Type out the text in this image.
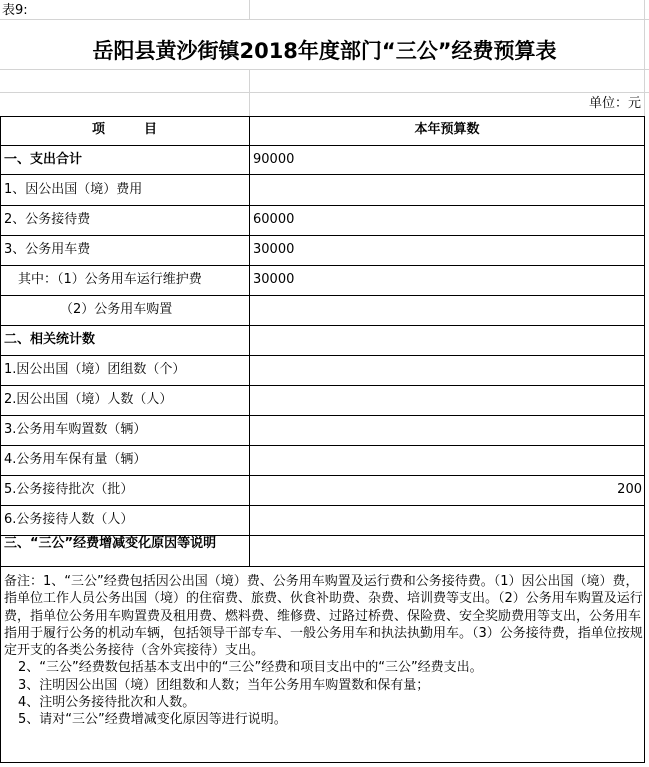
表9:
岳阳县黄沙街镇2018年度部门“三公”经费预算表
单位：元
项　　　目	本年预算数
一、支出合计	90000
1、因公出国（境）费用
2、公务接待费	60000
3、公务用车费	30000
其中：（1）公务用车运行维护费	30000
（2）公务用车购置
二、相关统计数
1.因公出国（境）团组数（个）
2.因公出国（境）人数（人）
3.公务用车购置数（辆）
4.公务用车保有量（辆）
5.公务接待批次（批）	200
6.公务接待人数（人）
三、“三公”经费增减变化原因等说明

备注：1、“三公”经费包括因公出国（境）费、公务用车购置及运行费和公务接待费。（1）因公出国（境）费，指单位工作人员公务出国（境）的住宿费、旅费、伙食补助费、杂费、培训费等支出。（2）公务用车购置及运行费，指单位公务用车购置费及租用费、燃料费、维修费、过路过桥费、保险费、安全奖励费用等支出，公务用车指用于履行公务的机动车辆，包括领导干部专车、一般公务用车和执法执勤用车。（3）公务接待费，指单位按规定开支的各类公务接待（含外宾接待）支出。

2、“三公”经费数包括基本支出中的“三公”经费和项目支出中的“三公”经费支出。

3、注明因公出国（境）团组数和人数；当年公务用车购置数和保有量；

4、注明公务接待批次和人数。

5、请对“三公”经费增减变化原因等进行说明。
